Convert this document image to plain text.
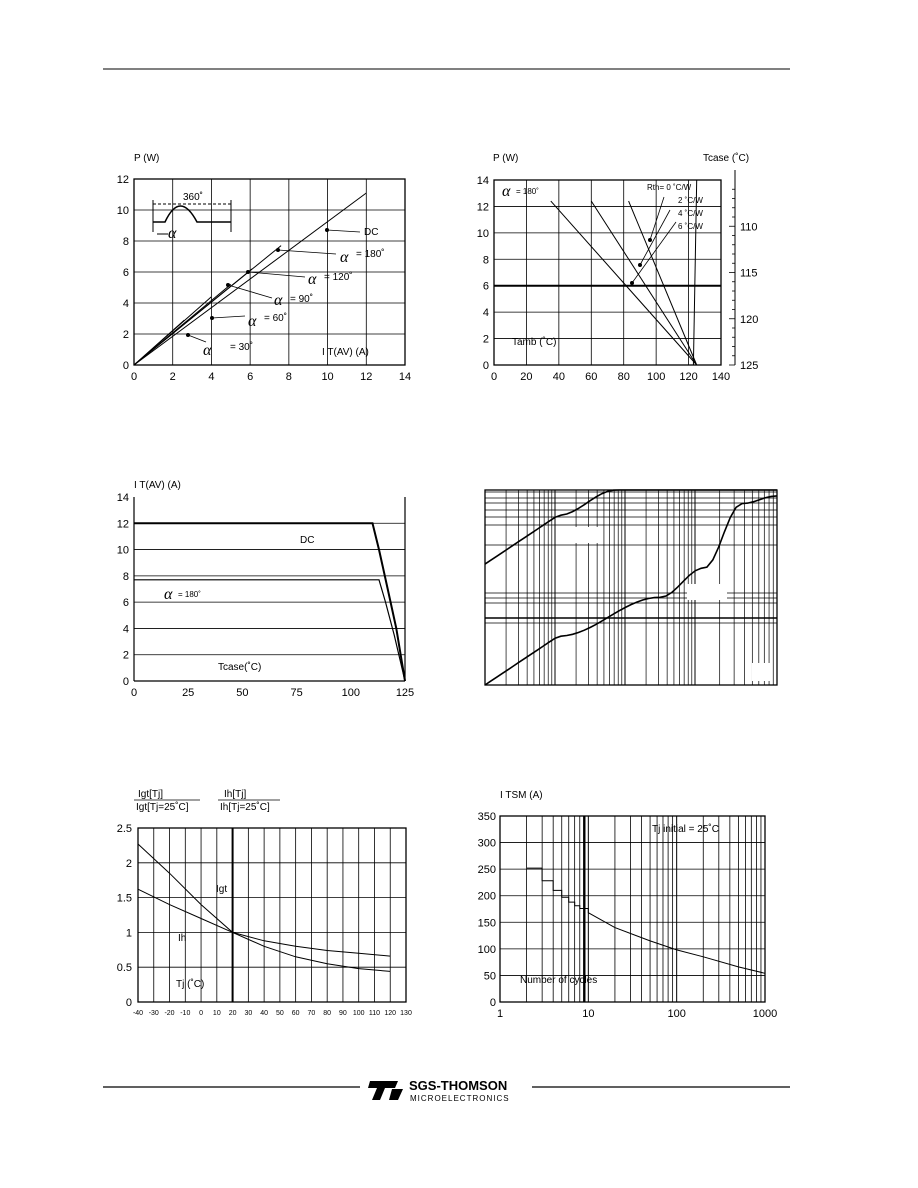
P (W)
0	2	4	6	8	10 12 14
0
2
4
6
8
10
12
360˚
α
I T(AV) (A)
α = 30˚
α = 60˚
α = 90˚
α = 120˚
α = 180˚
DC
P (W)	Tcase (˚C)
110
115
120
125
0 20 40 60 80 100 120 140
0
2
4
6
8
10
12
14
α = 180˚	Rth= 0 ˚C/W
2 ˚C/W
4 ˚C/W
6 ˚C/W
Tamb (˚C)
I T(AV) (A)
0	25	50	75	100	125
0
2
4
6
8
10
12
14
DC
α = 180˚
Tcase(˚C)
Igt[Tj]
Igt[Tj=25˚C]
Ih[Tj]
Ih[Tj=25˚C]
-40 -30 -20 -10 0 10 20 30 40 50 60 70 80 90 100 110 120 130
0
0.5
1
1.5
2
2.5
Igt
Ih
Tj (˚C)
I TSM (A)
1	10	100	1000
0
50
100
150
200
250
300
350
Tj initial = 25˚C
Number of cycles
SGS-THOMSON
MICROELECTRONICS
